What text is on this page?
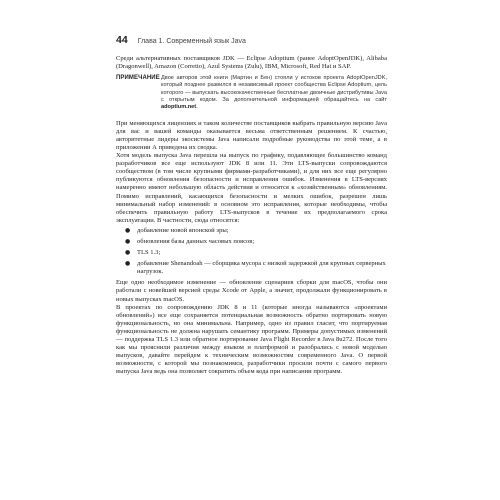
44 Глава 1. Современный язык Java

Среди альтернативных поставщиков JDK — Eclipse Adoptium (ранее AdoptOpenJDK), Alibaba (Dragonwell), Amazon (Corretto), Azul Systems (Zulu), IBM, Microsoft, Red Hat и SAP.

ПРИМЕЧАНИЕ Двое авторов этой книги (Мартин и Бен) стояли у истоков проекта AdoptOpenJDK, который позднее развился в независимый проект сообщества Eclipse Adoptium, цель которого — выпускать высококачественные бесплатные двоичные дистрибутивы Java с открытым кодом. За дополнительной информацией обращайтесь на сайт adoptium.net.

При меняющихся лицензиях и таком количестве поставщиков выбрать правильную версию Java для вас и вашей команды оказывается весьма ответственным решением. К счастью, авторитетные лидеры экосистемы Java написали подробные руководства по этой теме, а в приложении А приведена их сводка.

Хотя модель выпуска Java перешла на выпуск по графику, подавляющее большинство команд разработчиков все еще используют JDK 8 или 11. Эти LTS-выпуски сопровождаются сообществом (в том числе крупными фирмами-разработчиками), и для них все еще регулярно публикуются обновления безопасности и исправления ошибок. Изменения в LTS-версиях намеренно имеют небольшую область действия и относятся к «хозяйственным» обновлениям. Помимо исправлений, касающихся безопасности и мелких ошибок, разрешен лишь минимальный набор изменений: в основном это исправления, которые необходимы, чтобы обеспечить правильную работу LTS-выпусков в течение их предполагаемого срока эксплуатации. В частности, сюда относятся:

● добавление новой японской эры;
● обновления базы данных часовых поясов;
● TLS 1.3;
● добавление Shenandoah — сборщика мусора с низкой задержкой для крупных серверных нагрузок.

Еще одно необходимое изменение — обновление сценариев сборки для macOS, чтобы они работали с новейшей версией среды Xcode от Apple, а значит, продолжали функционировать в новых выпусках macOS.

В проектах по сопровождению JDK 8 и 11 (которые иногда называются «проектами обновлений») все еще сохраняется потенциальная возможность обратно портировать новую функциональность, но она минимальна. Например, одно из правил гласит, что портируемая функциональность не должна нарушать семантику программ. Примеры допустимых изменений — поддержка TLS 1.3 или обратное портирование Java Flight Recorder в Java 8u272. После того как мы прояснили различия между языком и платформой и разобрались с новой моделью выпусков, давайте перейдем к техническим возможностям современного Java. О первой возможности, с которой мы познакомимся, разработчики просили почти с самого первого выпуска Java ведь она позволяет сократить объем кода при написании программ.
